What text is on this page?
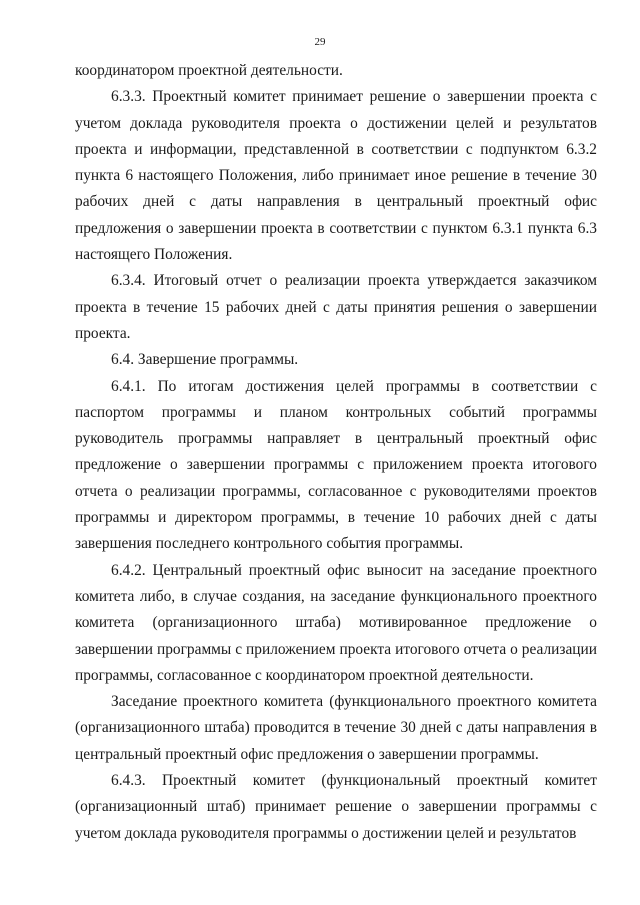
29

координатором проектной деятельности.

6.3.3. Проектный комитет принимает решение о завершении проекта с учетом доклада руководителя проекта о достижении целей и результатов проекта и информации, представленной в соответствии с подпунктом 6.3.2 пункта 6 настоящего Положения, либо принимает иное решение в течение 30 рабочих дней с даты направления в центральный проектный офис предложения о завершении проекта в соответствии с пунктом 6.3.1 пункта 6.3 настоящего Положения.

6.3.4. Итоговый отчет о реализации проекта утверждается заказчиком проекта в течение 15 рабочих дней с даты принятия решения о завершении проекта.

6.4. Завершение программы.

6.4.1. По итогам достижения целей программы в соответствии с паспортом программы и планом контрольных событий программы руководитель программы направляет в центральный проектный офис предложение о завершении программы с приложением проекта итогового отчета о реализации программы, согласованное с руководителями проектов программы и директором программы, в течение 10 рабочих дней с даты завершения последнего контрольного события программы.

6.4.2. Центральный проектный офис выносит на заседание проектного комитета либо, в случае создания, на заседание функционального проектного комитета (организационного штаба) мотивированное предложение о завершении программы с приложением проекта итогового отчета о реализации программы, согласованное с координатором проектной деятельности.

Заседание проектного комитета (функционального проектного комитета (организационного штаба) проводится в течение 30 дней с даты направления в центральный проектный офис предложения о завершении программы.

6.4.3. Проектный комитет (функциональный проектный комитет (организационный штаб) принимает решение о завершении программы с учетом доклада руководителя программы о достижении целей и результатов
